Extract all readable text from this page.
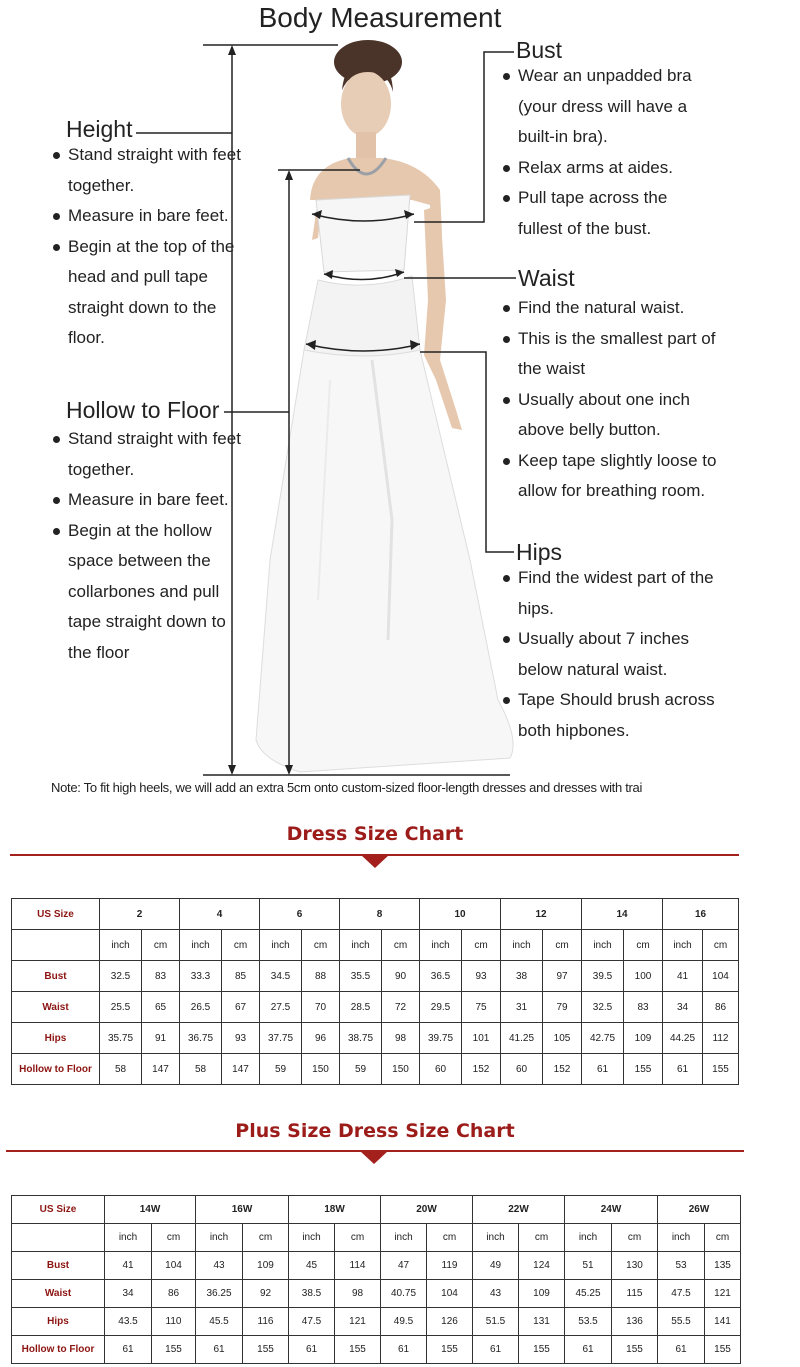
Body Measurement
Height
Stand straight with feet together.
Measure in bare feet.
Begin at the top of the head and pull tape straight down to the floor.
Hollow to Floor
Stand straight with feet together.
Measure in bare feet.
Begin at the hollow space between the collarbones and pull tape straight down to the floor
Bust
Wear an unpadded bra (your dress will have a built-in bra).
Relax arms at aides.
Pull tape across the fullest of the bust.
Waist
Find the natural waist.
This is the smallest part of the waist
Usually about one inch above belly button.
Keep tape slightly loose to allow for breathing room.
Hips
Find the widest part of the hips.
Usually about 7 inches below natural waist.
Tape Should brush across both hipbones.
Note: To fit high heels, we will add an extra 5cm onto custom-sized floor-length dresses and dresses with trai
Dress Size Chart
US Size	2		4		6		8		10		12		14		16	
	inch	cm	inch	cm	inch	cm	inch	cm	inch	cm	inch	cm	inch	cm	inch	cm
Bust	32.5	83	33.3	85	34.5	88	35.5	90	36.5	93	38	97	39.5	100	41	104
Waist	25.5	65	26.5	67	27.5	70	28.5	72	29.5	75	31	79	32.5	83	34	86
Hips	35.75	91	36.75	93	37.75	96	38.75	98	39.75	101	41.25	105	42.75	109	44.25	112
Hollow to Floor	58	147	58	147	59	150	59	150	60	152	60	152	61	155	61	155
Plus Size Dress Size Chart
US Size	14W		16W		18W		20W		22W		24W		26W	
	inch	cm	inch	cm	inch	cm	inch	cm	inch	cm	inch	cm	inch	cm
Bust	41	104	43	109	45	114	47	119	49	124	51	130	53	135
Waist	34	86	36.25	92	38.5	98	40.75	104	43	109	45.25	115	47.5	121
Hips	43.5	110	45.5	116	47.5	121	49.5	126	51.5	131	53.5	136	55.5	141
Hollow to Floor	61	155	61	155	61	155	61	155	61	155	61	155	61	155
